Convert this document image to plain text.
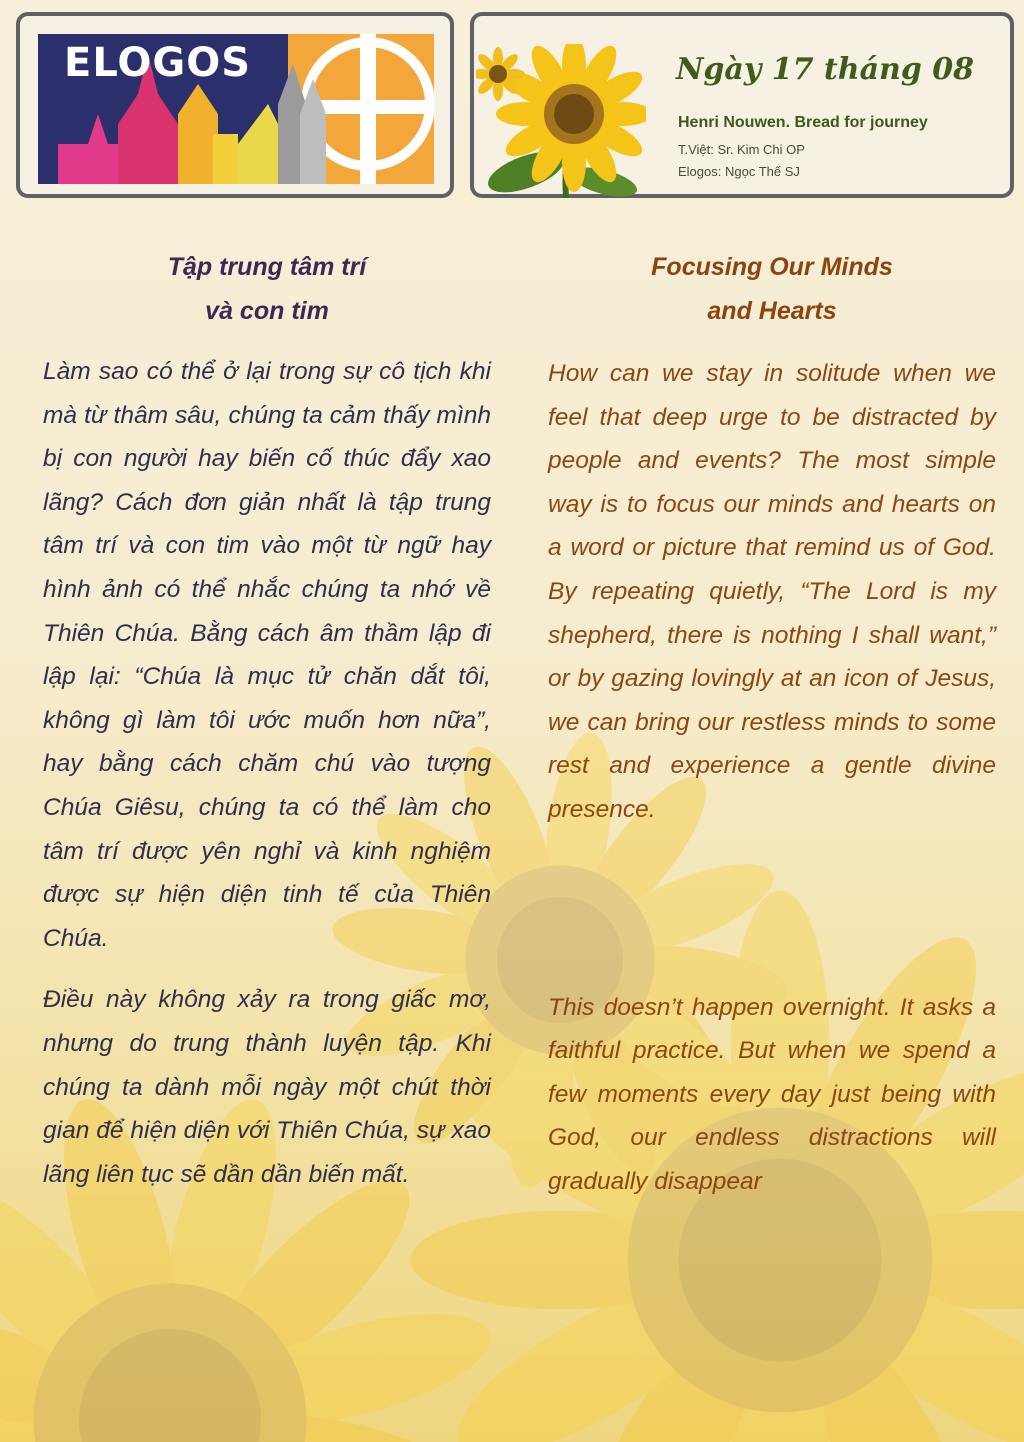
ELOGOS	Ngày 17 tháng 08
Henri Nouwen. Bread for journey
T.Việt: Sr. Kim Chi OP
Elogos: Ngọc Thế SJ
Tập trung tâm trí
và con tim

Làm sao có thể ở lại trong sự cô tịch khi mà từ thâm sâu, chúng ta cảm thấy mình bị con người hay biến cố thúc đẩy xao lãng? Cách đơn giản nhất là tập trung tâm trí và con tim vào một từ ngữ hay hình ảnh có thể nhắc chúng ta nhớ về Thiên Chúa. Bằng cách âm thầm lập đi lập lại: “Chúa là mục tử chăn dắt tôi, không gì làm tôi ước muốn hơn nữa”, hay bằng cách chăm chú vào tượng Chúa Giêsu, chúng ta có thể làm cho tâm trí được yên nghỉ và kinh nghiệm được sự hiện diện tinh tế của Thiên Chúa.

Điều này không xảy ra trong giấc mơ, nhưng do trung thành luyện tập. Khi chúng ta dành mỗi ngày một chút thời gian để hiện diện với Thiên Chúa, sự xao lãng liên tục sẽ dần dần biến mất.

Focusing Our Minds
and Hearts

How can we stay in solitude when we feel that deep urge to be distracted by people and events? The most simple way is to focus our minds and hearts on a word or picture that remind us of God. By repeating quietly, “The Lord is my shepherd, there is nothing I shall want,” or by gazing lovingly at an icon of Jesus, we can bring our restless minds to some rest and experience a gentle divine presence.

This doesn’t happen overnight. It asks a faithful practice. But when we spend a few moments every day just being with God, our endless distractions will gradually disappear
